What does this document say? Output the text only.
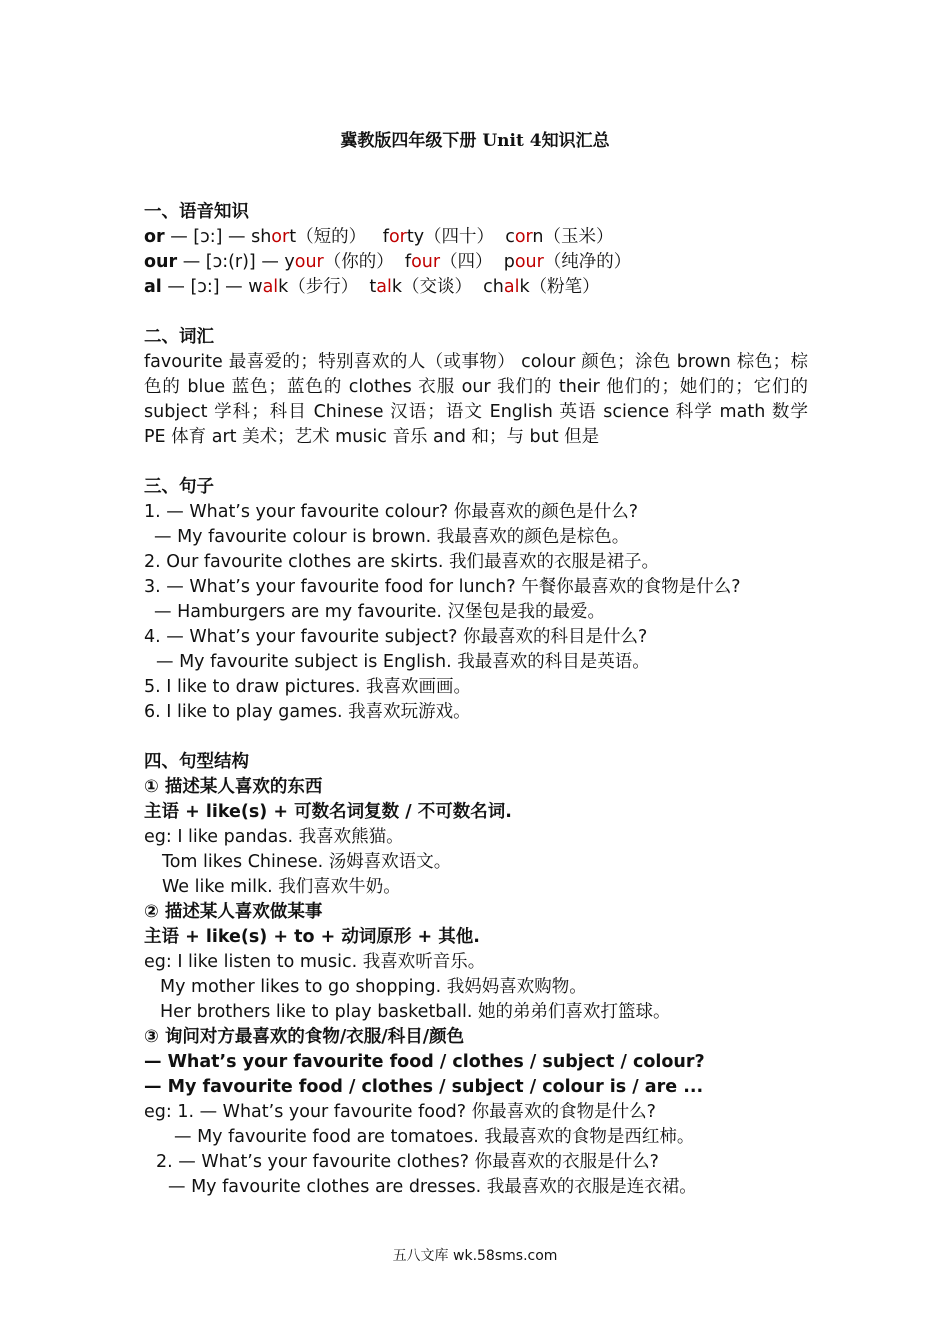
冀教版四年级下册 Unit 4知识汇总
一、语音知识
or — [ɔ:] — short（短的）   forty（四十）  corn（玉米）
our — [ɔ:(r)] — your（你的）  four（四）  pour（纯净的）
al — [ɔ:] — walk（步行）  talk（交谈）  chalk（粉笔）
二、词汇
favourite 最喜爱的；特别喜欢的人（或事物） colour 颜色；涂色 brown 棕色；棕色的 blue 蓝色；蓝色的 clothes 衣服 our 我们的 their 他们的；她们的；它们的 subject 学科；科目 Chinese 汉语；语文 English 英语 science 科学 math 数学 PE 体育 art 美术；艺术 music 音乐 and 和；与 but 但是
三、句子
1. — What’s your favourite colour? 你最喜欢的颜色是什么?
— My favourite colour is brown. 我最喜欢的颜色是棕色。
2. Our favourite clothes are skirts. 我们最喜欢的衣服是裙子。
3. — What’s your favourite food for lunch? 午餐你最喜欢的食物是什么?
— Hamburgers are my favourite. 汉堡包是我的最爱。
4. — What’s your favourite subject? 你最喜欢的科目是什么?
— My favourite subject is English. 我最喜欢的科目是英语。
5. I like to draw pictures. 我喜欢画画。
6. I like to play games. 我喜欢玩游戏。
四、句型结构
① 描述某人喜欢的东西
主语 + like(s) + 可数名词复数 / 不可数名词.
eg: I like pandas. 我喜欢熊猫。
Tom likes Chinese. 汤姆喜欢语文。
We like milk. 我们喜欢牛奶。
② 描述某人喜欢做某事
主语 + like(s) + to + 动词原形 + 其他.
eg: I like listen to music. 我喜欢听音乐。
My mother likes to go shopping. 我妈妈喜欢购物。
Her brothers like to play basketball. 她的弟弟们喜欢打篮球。
③ 询问对方最喜欢的食物/衣服/科目/颜色
— What’s your favourite food / clothes / subject / colour?
— My favourite food / clothes / subject / colour is / are ...
eg: 1. — What’s your favourite food? 你最喜欢的食物是什么?
— My favourite food are tomatoes. 我最喜欢的食物是西红柿。
2. — What’s your favourite clothes? 你最喜欢的衣服是什么?
— My favourite clothes are dresses. 我最喜欢的衣服是连衣裙。
五八文库 wk.58sms.com
